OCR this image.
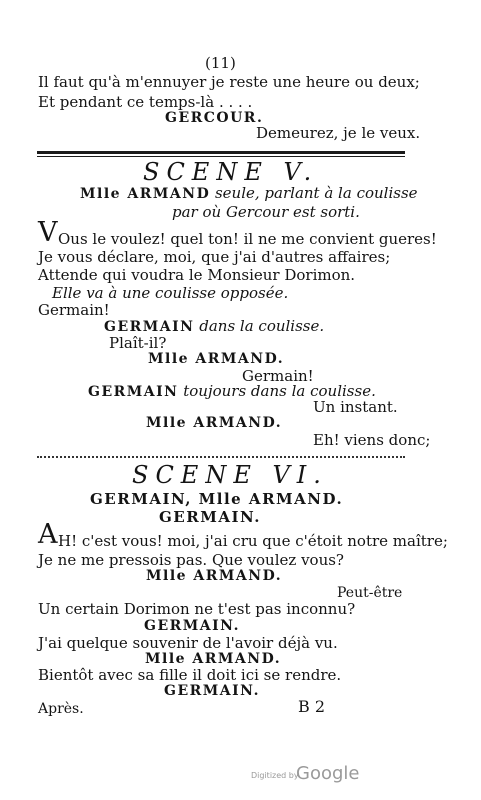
(11)
Il faut qu'à m'ennuyer je reste une heure ou deux;
Et pendant ce temps-là . . . .
GERCOUR.
Demeurez, je le veux.
SCENE V.
Mlle ARMAND seule, parlant à la coulisse
par où Gercour est sorti.
V Ous le voulez! quel ton! il ne me convient gueres!
Je vous déclare, moi, que j'ai d'autres affaires;
Attende qui voudra le Monsieur Dorimon.
Elle va à une coulisse opposée.
Germain!
GERMAIN dans la coulisse.
Plaît-il?
Mlle ARMAND.
Germain!
GERMAIN toujours dans la coulisse.
Un instant.
Mlle ARMAND.
Eh! viens donc;
SCENE VI.
GERMAIN, Mlle ARMAND.
GERMAIN.
A H! c'est vous! moi, j'ai cru que c'étoit notre maître;
Je ne me pressois pas. Que voulez vous?
Mlle ARMAND.
Peut-être
Un certain Dorimon ne t'est pas inconnu?
GERMAIN.
J'ai quelque souvenir de l'avoir déjà vu.
Mlle ARMAND.
Bientôt avec sa fille il doit ici se rendre.
GERMAIN.
Après.	B 2
Digitized by
Google
